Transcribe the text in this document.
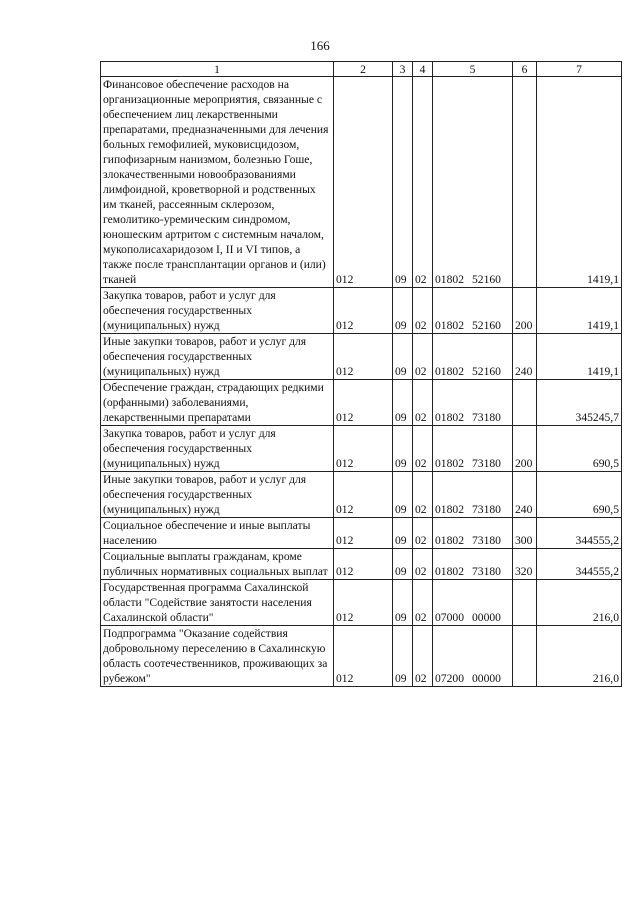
166
1	2	3	4	5	6	7
Финансовое обеспечение расходов на организационные мероприятия, связанные с обеспечением лиц лекарственными препаратами, предназначенными для лечения больных гемофилией, муковисцидозом, гипофизарным нанизмом, болезнью Гоше, злокачественными новообразованиями лимфоидной, кроветворной и родственных им тканей, рассеянным склерозом, гемолитико-уремическим синдромом, юношеским артритом с системным началом, мукополисахаридозом I, II и VI типов, а также после трансплантации органов и (или) тканей	012	09	02	01802 52160		1419,1
Закупка товаров, работ и услуг для обеспечения государственных (муниципальных) нужд	012	09	02	01802 52160	200	1419,1
Иные закупки товаров, работ и услуг для обеспечения государственных (муниципальных) нужд	012	09	02	01802 52160	240	1419,1
Обеспечение граждан, страдающих редкими (орфанными) заболеваниями, лекарственными препаратами	012	09	02	01802 73180		345245,7
Закупка товаров, работ и услуг для обеспечения государственных (муниципальных) нужд	012	09	02	01802 73180	200	690,5
Иные закупки товаров, работ и услуг для обеспечения государственных (муниципальных) нужд	012	09	02	01802 73180	240	690,5
Социальное обеспечение и иные выплаты населению	012	09	02	01802 73180	300	344555,2
Социальные выплаты гражданам, кроме публичных нормативных социальных выплат	012	09	02	01802 73180	320	344555,2
Государственная программа Сахалинской области "Содействие занятости населения Сахалинской области"	012	09	02	07000 00000		216,0
Подпрограмма "Оказание содействия добровольному переселению в Сахалинскую область соотечественников, проживающих за рубежом"	012	09	02	07200 00000		216,0
